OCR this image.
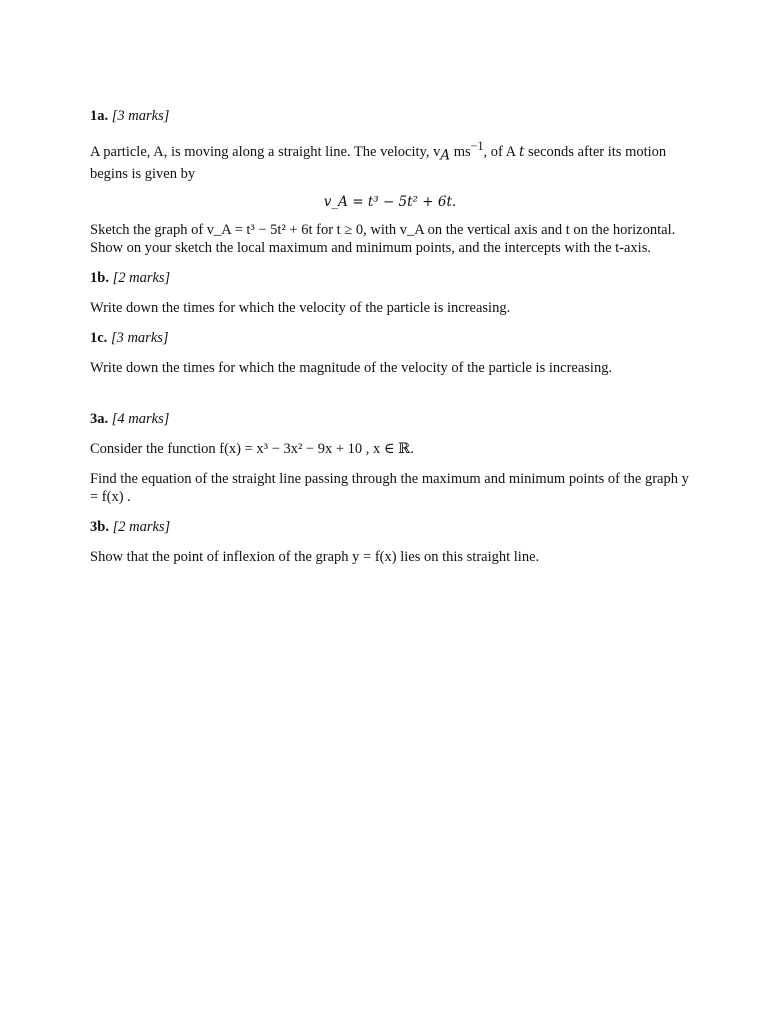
1a. [3 marks]

A particle, A, is moving along a straight line. The velocity, $v_A$ $ms^{-1}$, of A t seconds after its motion begins is given by

v_A = t³ − 5t² + 6t.

Sketch the graph of v_A = t³ − 5t² + 6t for t ≥ 0, with v_A on the vertical axis and t on the horizontal. Show on your sketch the local maximum and minimum points, and the intercepts with the t-axis.

1b. [2 marks]

Write down the times for which the velocity of the particle is increasing.

1c. [3 marks]

Write down the times for which the magnitude of the velocity of the particle is increasing.

3a. [4 marks]

Consider the function f(x) = x³ − 3x² − 9x + 10 , x ∈ ℝ.

Find the equation of the straight line passing through the maximum and minimum points of the graph y = f(x) .

3b. [2 marks]

Show that the point of inflexion of the graph y = f(x) lies on this straight line.
